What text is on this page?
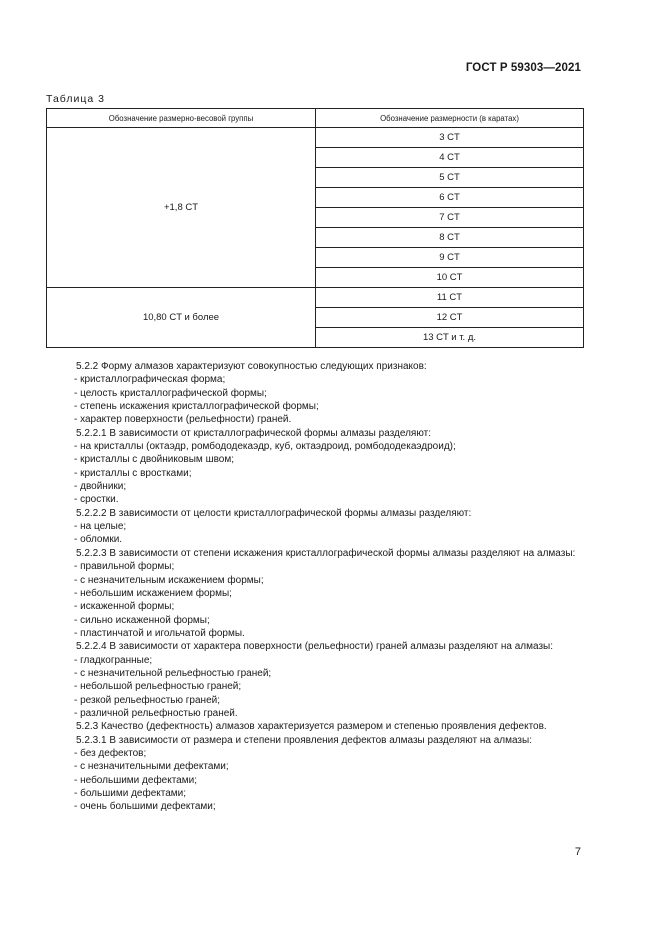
ГОСТ Р 59303—2021
Таблица 3
Обозначение размерно-весовой группы	Обозначение размерности (в каратах)
+1,8 CT	3 CT
	4 CT
	5 CT
	6 CT
	7 CT
	8 CT
	9 CT
	10 CT
10,80 CT и более	11 CT
	12 CT
	13 CT и т. д.

5.2.2 Форму алмазов характеризуют совокупностью следующих признаков:

- кристаллографическая форма;

- целость кристаллографической формы;

- степень искажения кристаллографической формы;

- характер поверхности (рельефности) граней.

5.2.2.1 В зависимости от кристаллографической формы алмазы разделяют:

- на кристаллы (октаэдр, ромбододекаэдр, куб, октаэдроид, ромбододекаэдроид);

- кристаллы с двойниковым швом;

- кристаллы с вростками;

- двойники;

- сростки.

5.2.2.2 В зависимости от целости кристаллографической формы алмазы разделяют:

- на целые;

- обломки.

5.2.2.3 В зависимости от степени искажения кристаллографической формы алмазы разделяют на алмазы:

- правильной формы;

- с незначительным искажением формы;

- небольшим искажением формы;

- искаженной формы;

- сильно искаженной формы;

- пластинчатой и игольчатой формы.

5.2.2.4 В зависимости от характера поверхности (рельефности) граней алмазы разделяют на алмазы:

- гладкогранные;

- с незначительной рельефностью граней;

- небольшой рельефностью граней;

- резкой рельефностью граней;

- различной рельефностью граней.

5.2.3 Качество (дефектность) алмазов характеризуется размером и степенью проявления дефектов.

5.2.3.1 В зависимости от размера и степени проявления дефектов алмазы разделяют на алмазы:

- без дефектов;

- с незначительными дефектами;

- небольшими дефектами;

- большими дефектами;

- очень большими дефектами;

7
